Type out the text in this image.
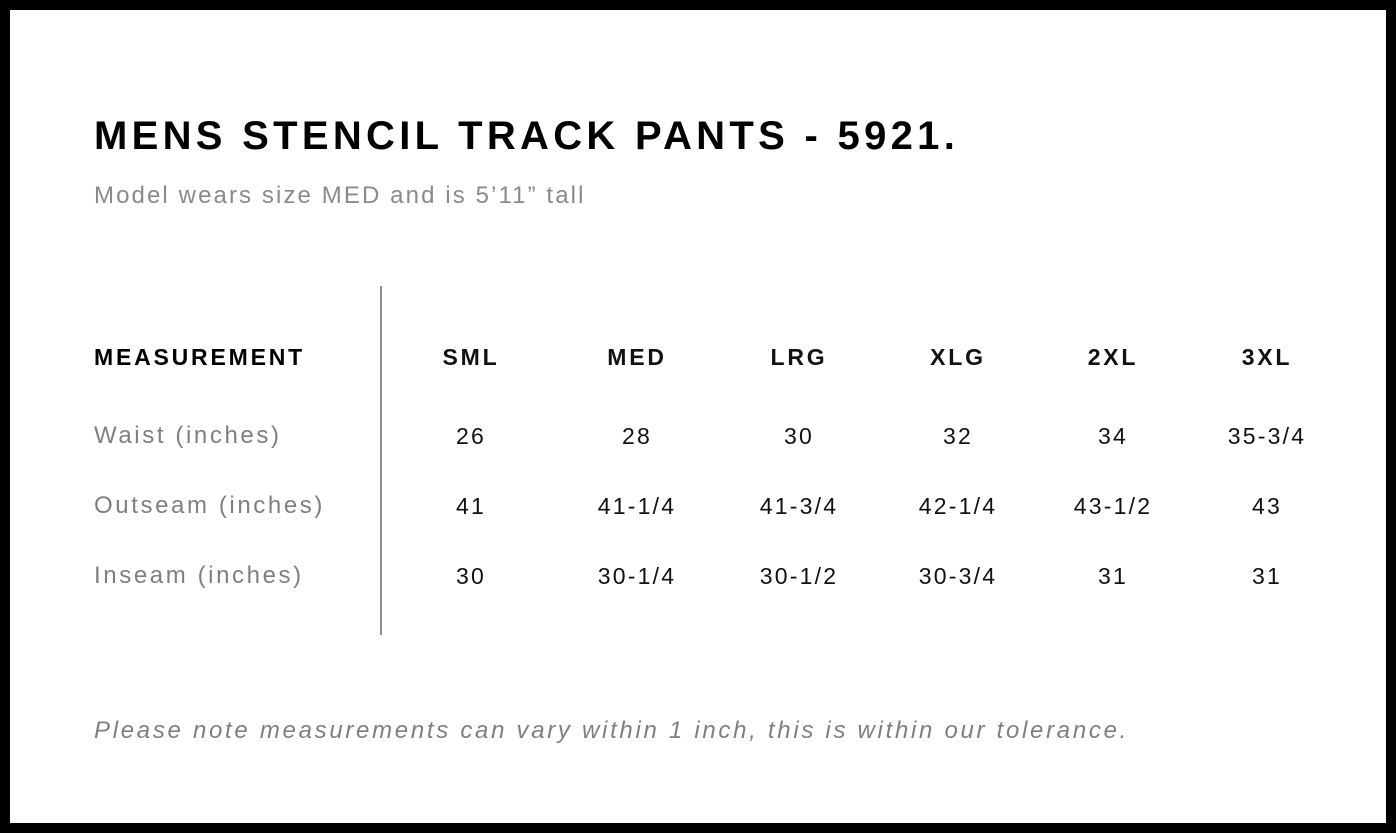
MENS STENCIL TRACK PANTS - 5921.
Model wears size MED and is 5’11” tall
MEASUREMENT	SML	MED	LRG	XLG	2XL	3XL
Waist (inches)	26	28	30	32	34	35-3/4
Outseam (inches)	41	41-1/4	41-3/4	42-1/4	43-1/2	43
Inseam (inches)	30	30-1/4	30-1/2	30-3/4	31	31
Please note measurements can vary within 1 inch, this is within our tolerance.
